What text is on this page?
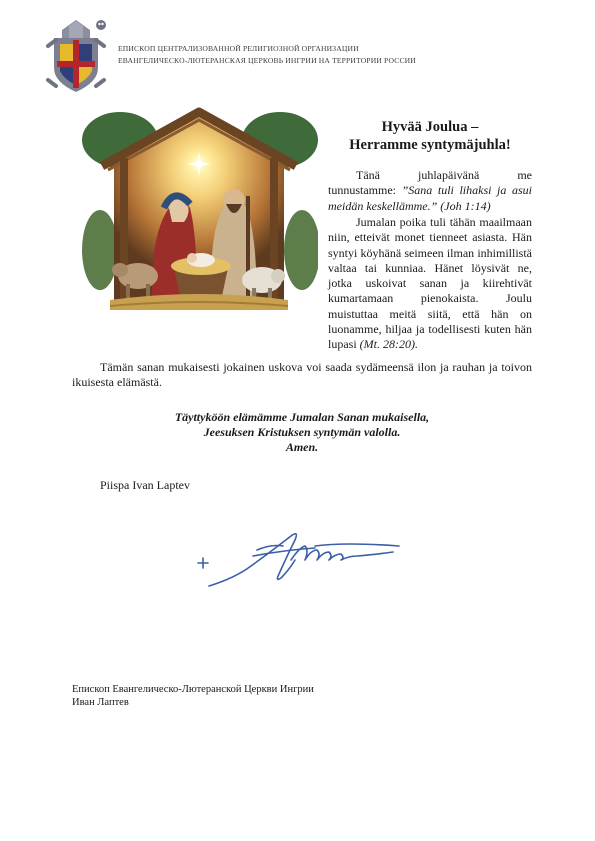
ЕПИСКОП ЦЕНТРАЛИЗОВАННОЙ РЕЛИГИОЗНОЙ ОРГАНИЗАЦИИ
ЕВАНГЕЛИЧЕСКО-ЛЮТЕРАНСКАЯ ЦЕРКОВЬ ИНГРИИ НА ТЕРРИТОРИИ РОССИИ
Hyvää Joulua –
Herramme syntymäjuhla!
Tänä juhlapäivänä me tunnustamme: ”Sana tuli lihaksi ja asui meidän keskellämme.” (Joh 1:14)
Jumalan poika tuli tähän maailmaan niin, etteivät monet tienneet asiasta. Hän syntyi köyhänä seimeen ilman inhimillistä valtaa tai kunniaa. Hänet löysivät ne, jotka uskoivat sanan ja kiirehtivät kumartamaan pienokaista. Joulu muistuttaa meitä siitä, että hän on luonamme, hiljaa ja todellisesti kuten hän lupasi (Mt. 28:20).
Tämän sanan mukaisesti jokainen uskova voi saada sydämeensä ilon ja rauhan ja toivon ikuisesta elämästä.
Täyttyköön elämämme Jumalan Sanan mukaisella,
Jeesuksen Kristuksen syntymän valolla.
Amen.
Piispa Ivan Laptev
Епископ Евангелическо-Лютеранской Церкви Ингрии
Иван Лаптев
